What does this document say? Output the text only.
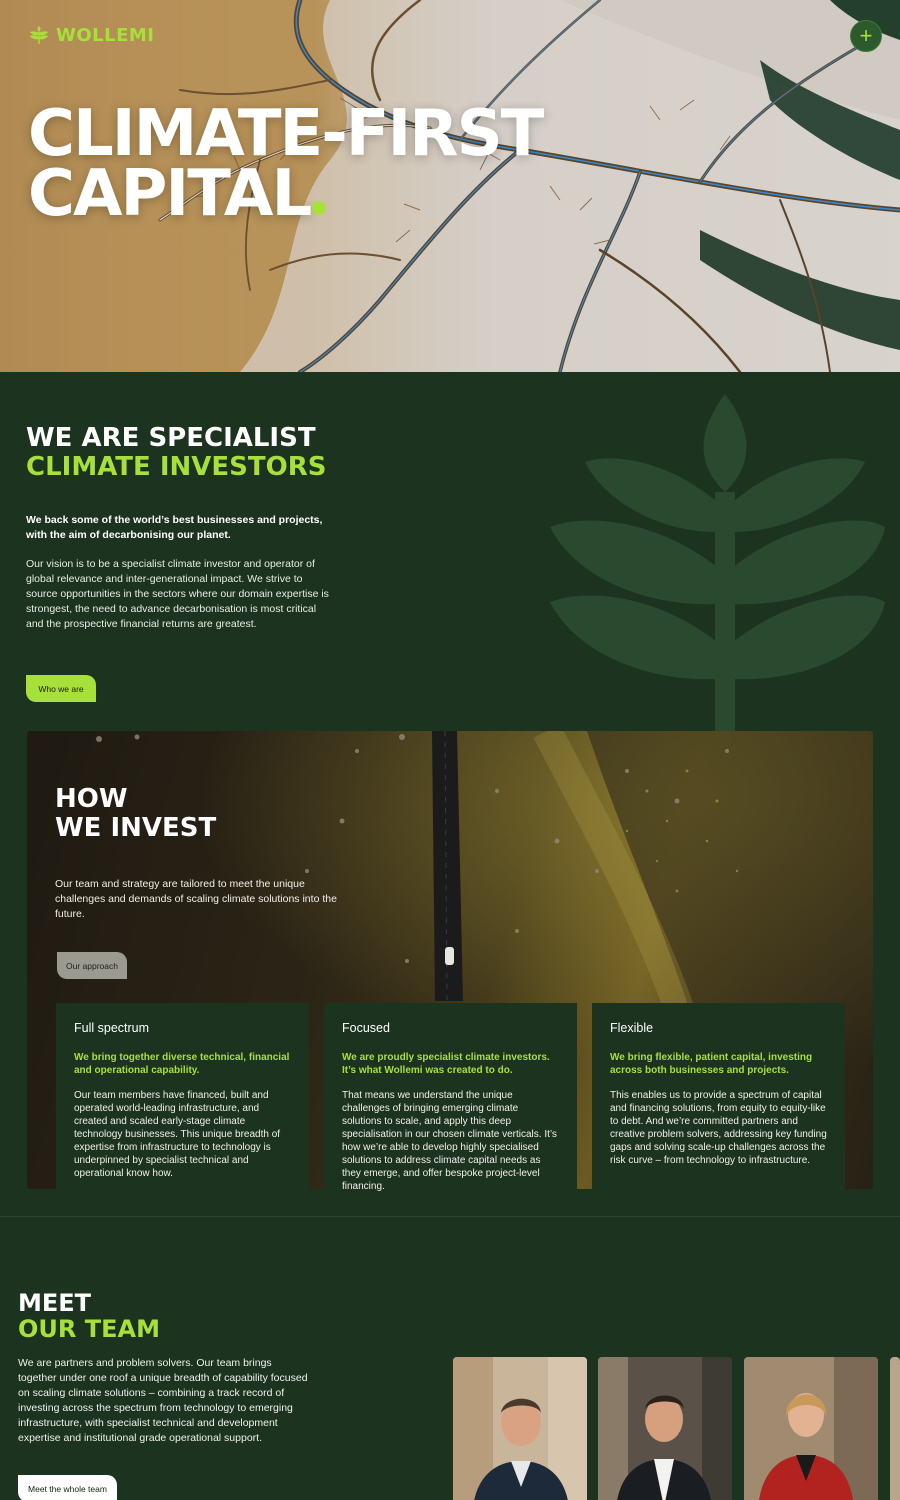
WOLLEMI	+
CLIMATE-FIRST
CAPITAL
WE ARE SPECIALIST
CLIMATE INVESTORS

We back some of the world’s best businesses and projects, with the aim of decarbonising our planet.

Our vision is to be a specialist climate investor and operator of global relevance and inter-generational impact. We strive to source opportunities in the sectors where our domain expertise is strongest, the need to advance decarbonisation is most critical and the prospective financial returns are greatest.

Who we are
HOW
WE INVEST

Our team and strategy are tailored to meet the unique challenges and demands of scaling climate solutions into the future.

Our approach
Full spectrum

We bring together diverse technical, financial and operational capability.

Our team members have financed, built and operated world-leading infrastructure, and created and scaled early-stage climate technology businesses. This unique breadth of expertise from infrastructure to technology is underpinned by specialist technical and operational know how.

Focused

We are proudly specialist climate investors. It’s what Wollemi was created to do.

That means we understand the unique challenges of bringing emerging climate solutions to scale, and apply this deep specialisation in our chosen climate verticals. It’s how we’re able to develop highly specialised solutions to address climate capital needs as they emerge, and offer bespoke project-level financing.

Flexible

We bring flexible, patient capital, investing across both businesses and projects.

This enables us to provide a spectrum of capital and financing solutions, from equity to equity-like to debt. And we’re committed partners and creative problem solvers, addressing key funding gaps and solving scale-up challenges across the risk curve – from technology to infrastructure.

MEET
OUR TEAM

We are partners and problem solvers. Our team brings together under one roof a unique breadth of capability focused on scaling climate solutions – combining a track record of investing across the spectrum from technology to emerging infrastructure, with specialist technical and development expertise and institutional grade operational support.

Meet the whole team
